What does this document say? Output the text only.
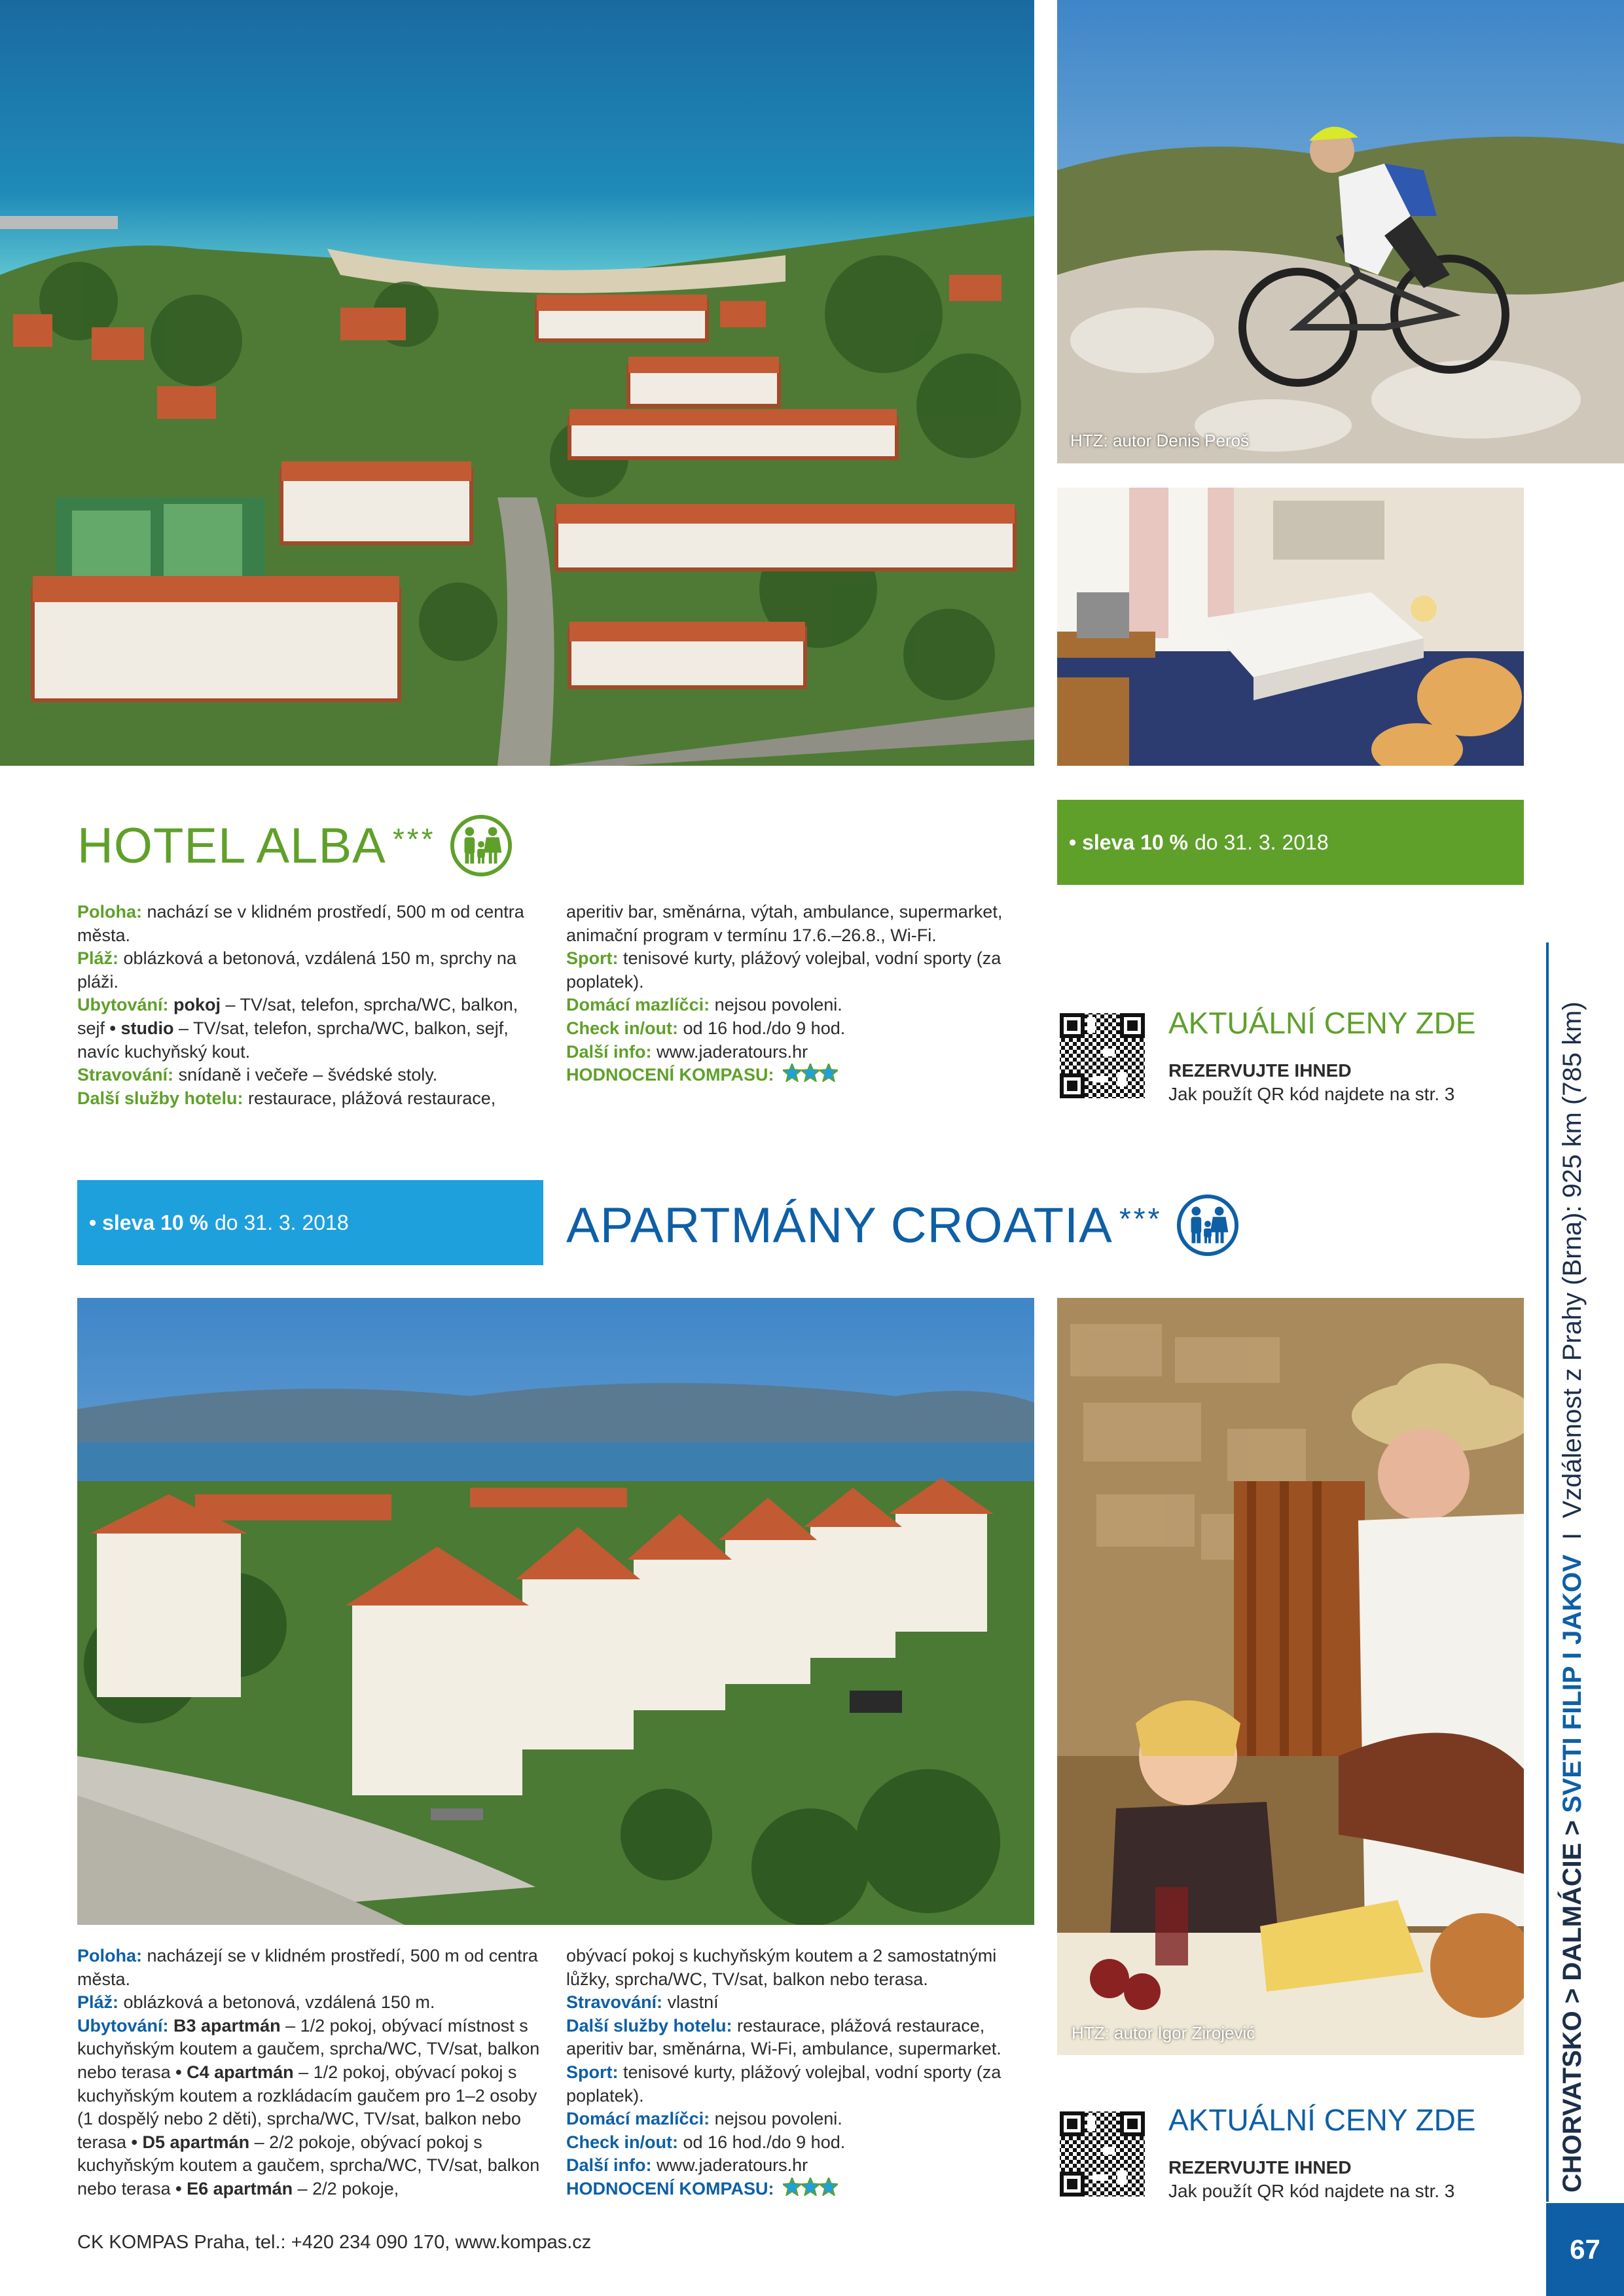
HTZ: autor Denis Peroš
HOTEL ALBA ***	• sleva 10 % do 31. 3. 2018

Poloha: nachází se v klidném prostředí, 500 m od centra města.

Pláž: oblázková a betonová, vzdálená 150 m, sprchy na pláži.

Ubytování: pokoj – TV/sat, telefon, sprcha/WC, balkon, sejf • studio – TV/sat, telefon, sprcha/WC, balkon, sejf, navíc kuchyňský kout.

Stravování: snídaně i večeře – švédské stoly.

Další služby hotelu: restaurace, plážová restaurace,

aperitiv bar, směnárna, výtah, ambulance, supermarket, animační program v termínu 17.6.–26.8., Wi-Fi.

Sport: tenisové kurty, plážový volejbal, vodní sporty (za poplatek).

Domácí mazlíčci: nejsou povoleni.

Check in/out: od 16 hod./do 9 hod.

Další info: www.jaderatours.hr

HODNOCENÍ KOMPASU:

AKTUÁLNÍ CENY ZDE
REZERVUJTE IHNED
Jak použít QR kód najdete na str. 3
• sleva 10 % do 31. 3. 2018	APARTMÁNY CROATIA ***
HTZ: autor Igor Zirojević

Poloha: nacházejí se v klidném prostředí, 500 m od centra města.

Pláž: oblázková a betonová, vzdálená 150 m.

Ubytování: B3 apartmán – 1/2 pokoj, obývací místnost s kuchyňským koutem a gaučem, sprcha/WC, TV/sat, balkon nebo terasa • C4 apartmán – 1/2 pokoj, obývací pokoj s kuchyňským koutem a rozkládacím gaučem pro 1–2 osoby (1 dospělý nebo 2 děti), sprcha/WC, TV/sat, balkon nebo terasa • D5 apartmán – 2/2 pokoje, obývací pokoj s kuchyňským koutem a gaučem, sprcha/WC, TV/sat, balkon nebo terasa • E6 apartmán – 2/2 pokoje,

obývací pokoj s kuchyňským koutem a 2 samostatnými lůžky, sprcha/WC, TV/sat, balkon nebo terasa.

Stravování: vlastní

Další služby hotelu: restaurace, plážová restaurace, aperitiv bar, směnárna, Wi-Fi, ambulance, supermarket.

Sport: tenisové kurty, plážový volejbal, vodní sporty (za poplatek).

Domácí mazlíčci: nejsou povoleni.

Check in/out: od 16 hod./do 9 hod.

Další info: www.jaderatours.hr

HODNOCENÍ KOMPASU:

AKTUÁLNÍ CENY ZDE
REZERVUJTE IHNED
Jak použít QR kód najdete na str. 3	CHORVATSKO > DALMÁCIE > SVETI FILIP I JAKOV  I  Vzdálenost z Prahy (Brna): 925 km (785 km)
67
CK KOMPAS Praha, tel.: +420 234 090 170, www.kompas.cz
